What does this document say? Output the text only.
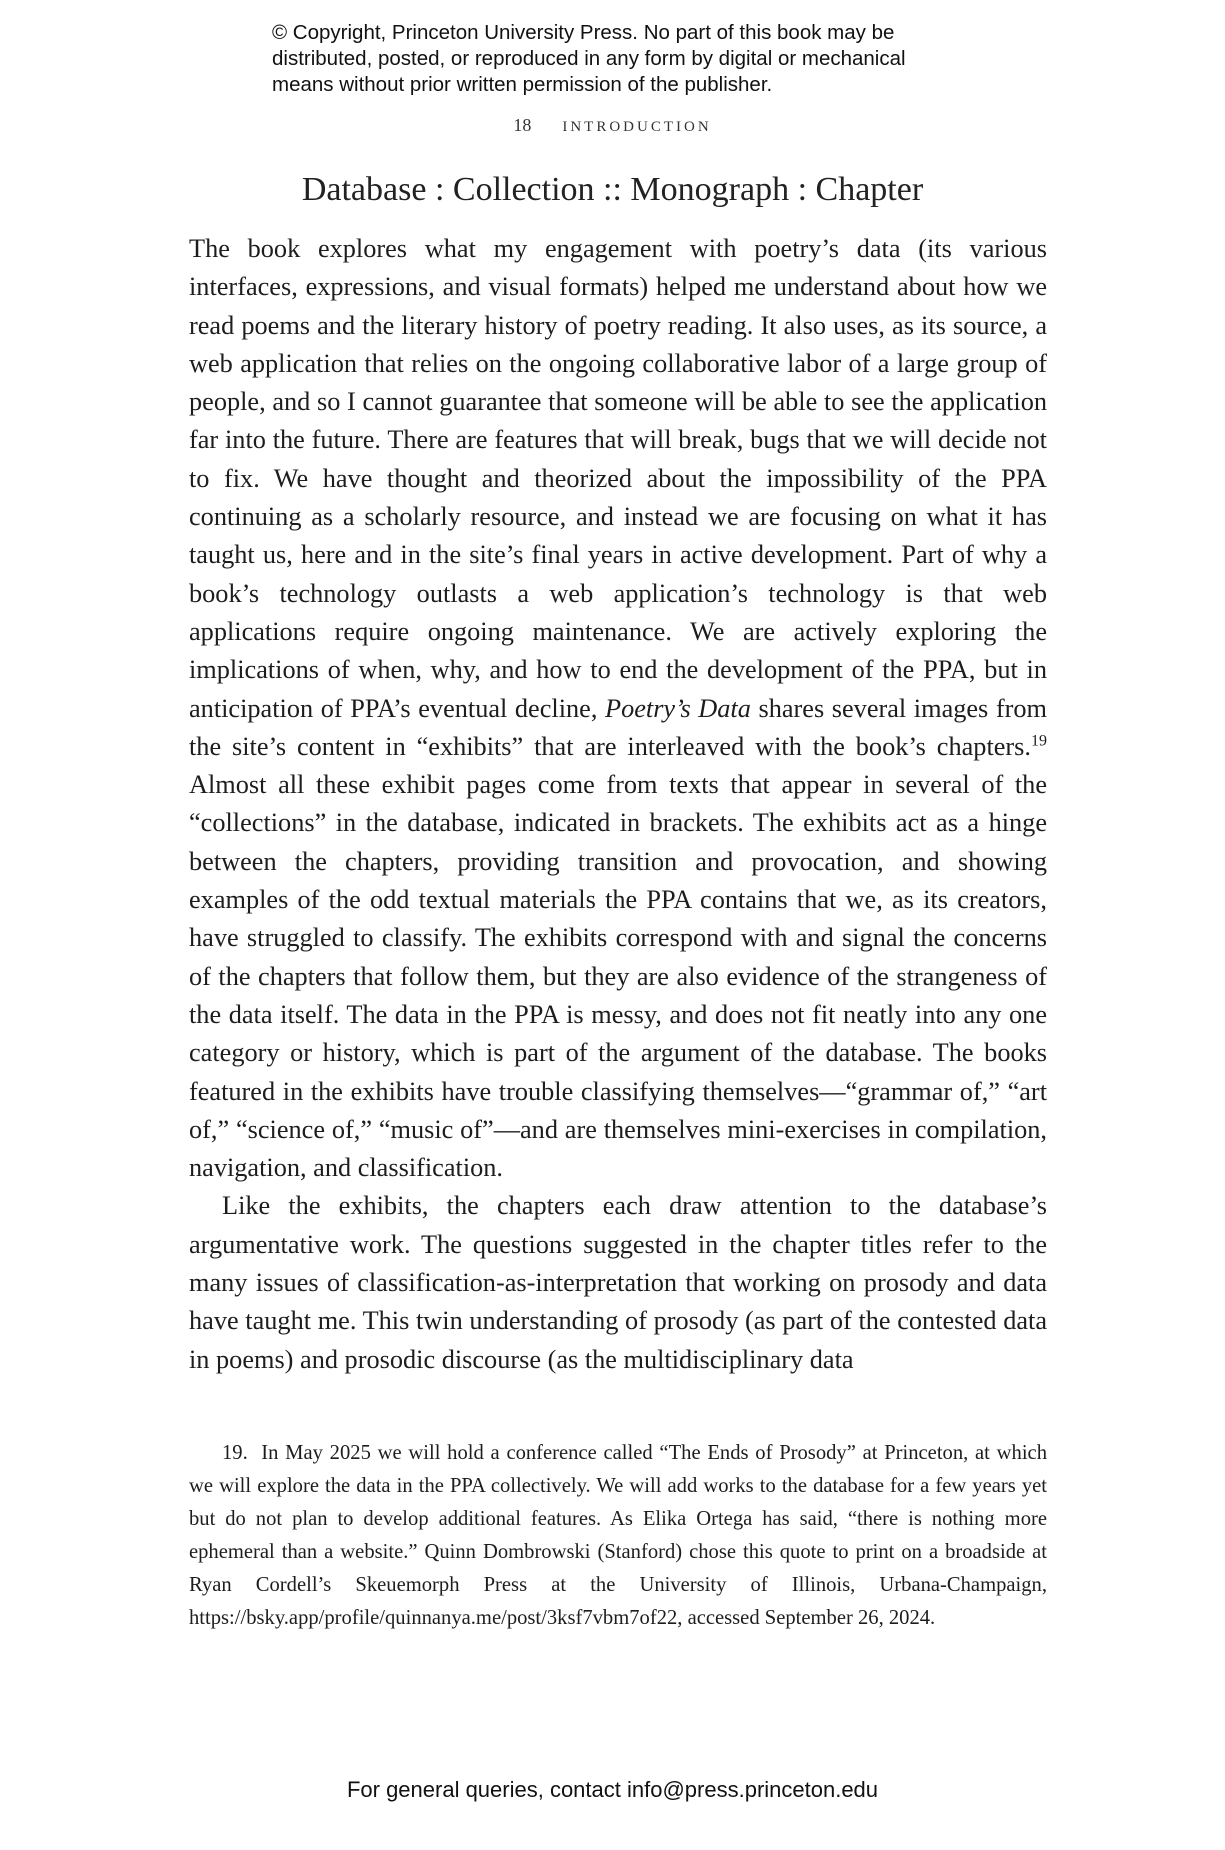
© Copyright, Princeton University Press. No part of this book may be distributed, posted, or reproduced in any form by digital or mechanical means without prior written permission of the publisher.
18 introduction
Database : Collection :: Monograph : Chapter

The book explores what my engagement with poetry’s data (its various interfaces, expressions, and visual formats) helped me understand about how we read poems and the literary history of poetry reading. It also uses, as its source, a web application that relies on the ongoing collaborative labor of a large group of people, and so I cannot guarantee that someone will be able to see the application far into the future. There are features that will break, bugs that we will decide not to fix. We have thought and theorized about the impossibility of the PPA continuing as a scholarly resource, and instead we are focusing on what it has taught us, here and in the site’s final years in active development. Part of why a book’s technology outlasts a web application’s technology is that web applications require ongoing maintenance. We are actively exploring the implications of when, why, and how to end the development of the PPA, but in anticipation of PPA’s eventual decline, Poetry’s Data shares several images from the site’s content in “exhibits” that are interleaved with the book’s chapters.$^{19}$ Almost all these exhibit pages come from texts that appear in several of the “collections” in the database, indicated in brackets. The exhibits act as a hinge between the chapters, providing transition and provocation, and showing examples of the odd textual materials the PPA contains that we, as its creators, have struggled to classify. The exhibits correspond with and signal the concerns of the chapters that follow them, but they are also evidence of the strangeness of the data itself. The data in the PPA is messy, and does not fit neatly into any one category or history, which is part of the argument of the database. The books featured in the exhibits have trouble classifying themselves—“grammar of,” “art of,” “science of,” “music of”—and are themselves mini-exercises in compilation, navigation, and classification.

Like the exhibits, the chapters each draw attention to the database’s argumentative work. The questions suggested in the chapter titles refer to the many issues of classification-as-interpretation that working on prosody and data have taught me. This twin understanding of prosody (as part of the contested data in poems) and prosodic discourse (as the multidisciplinary data

19. In May 2025 we will hold a conference called “The Ends of Prosody” at Princeton, at which we will explore the data in the PPA collectively. We will add works to the database for a few years yet but do not plan to develop additional features. As Elika Ortega has said, “there is nothing more ephemeral than a website.” Quinn Dombrowski (Stanford) chose this quote to print on a broadside at Ryan Cordell’s Skeuemorph Press at the University of Illinois, Urbana-Champaign, https://bsky.app/profile/quinnanya.me/post/3ksf7vbm7of22, accessed September 26, 2024.

For general queries, contact info@press.princeton.edu
